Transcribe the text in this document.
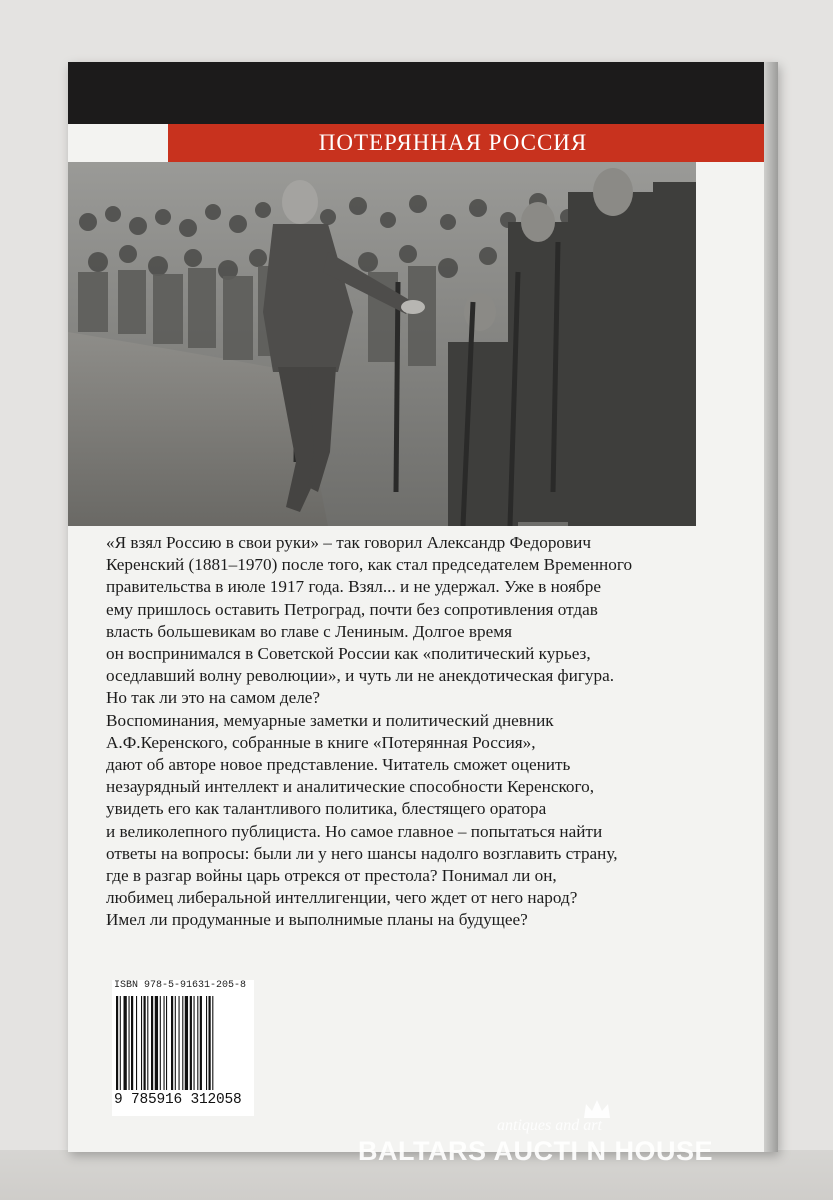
ПОТЕРЯННАЯ РОССИЯ
«Я взял Россию в свои руки» – так говорил Александр Федорович
Керенский (1881–1970) после того, как стал председателем Временного
правительства в июле 1917 года. Взял... и не удержал. Уже в ноябре
ему пришлось оставить Петроград, почти без сопротивления отдав
власть большевикам во главе с Лениным. Долгое время
он воспринимался в Советской России как «политический курьез,
оседлавший волну революции», и чуть ли не анекдотическая фигура.
Но так ли это на самом деле?
Воспоминания, мемуарные заметки и политический дневник
А.Ф.Керенского, собранные в книге «Потерянная Россия»,
дают об авторе новое представление. Читатель сможет оценить
незаурядный интеллект и аналитические способности Керенского,
увидеть его как талантливого политика, блестящего оратора
и великолепного публициста. Но самое главное – попытаться найти
ответы на вопросы: были ли у него шансы надолго возглавить страну,
где в разгар войны царь отрекся от престола? Понимал ли он,
любимец либеральной интеллигенции, чего ждет от него народ?
Имел ли продуманные и выполнимые планы на будущее?
ISBN 978-5-91631-205-8
9 785916 312058
antiques and art
BALTARS AUCTI N HOUSE
